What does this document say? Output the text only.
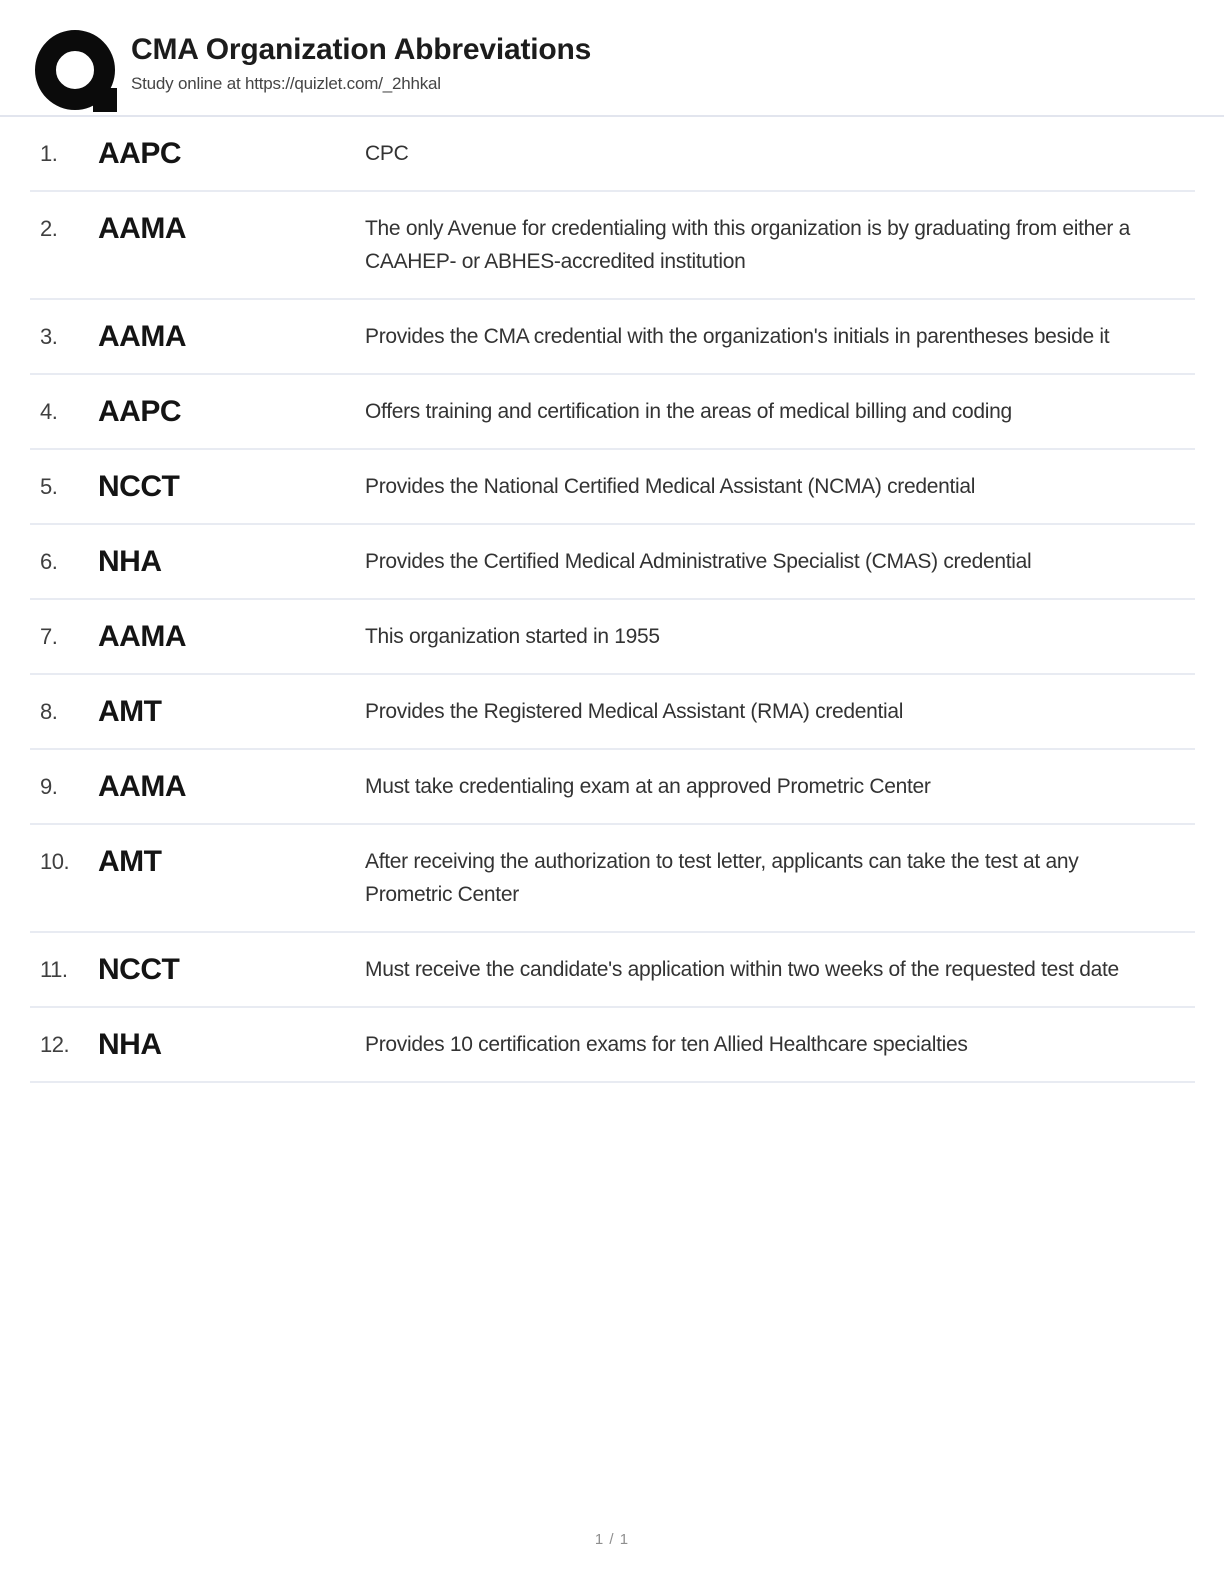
CMA Organization Abbreviations
Study online at https://quizlet.com/_2hhkal
1.	AAPC	CPC
2.	AAMA	The only Avenue for credentialing with this organization is by graduating from either a CAAHEP- or ABHES-accredited institution
3.	AAMA	Provides the CMA credential with the organization's initials in parentheses beside it
4.	AAPC	Offers training and certification in the areas of medical billing and coding
5.	NCCT	Provides the National Certified Medical Assistant (NCMA) credential
6.	NHA	Provides the Certified Medical Administrative Specialist (CMAS) credential
7.	AAMA	This organization started in 1955
8.	AMT	Provides the Registered Medical Assistant (RMA) credential
9.	AAMA	Must take credentialing exam at an approved Prometric Center
10. AMT	After receiving the authorization to test letter, applicants can take the test at any Prometric Center
11.	NCCT	Must receive the candidate's application within two weeks of the requested test date
12. NHA	Provides 10 certification exams for ten Allied Healthcare specialties
1 / 1
